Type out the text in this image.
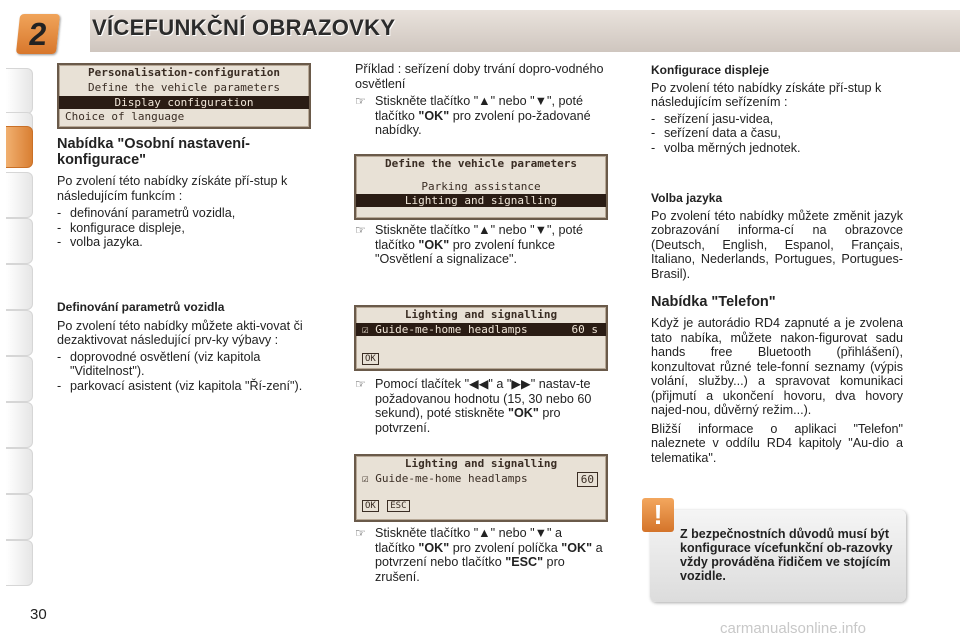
2	VÍCEFUNKČNÍ OBRAZOVKY
Personalisation-configuration
Define the vehicle parameters
Display configuration
Choice of language
Nabídka "Osobní nastavení-konfigurace"

Po zvolení této nabídky získáte pří-stup k následujícím funkcím :

- definování parametrů vozidla,
- konfigurace displeje,
- volba jazyka.
Definování parametrů vozidla

Po zvolení této nabídky můžete akti-vovat či dezaktivovat následující prv-ky výbavy :

- doprovodné osvětlení (viz kapitola "Viditelnost").
- parkovací asistent (viz kapitola "Ří-zení").

Příklad : seřízení doby trvání dopro-vodného osvětlení

☞ Stiskněte tlačítko "▲" nebo "▼", poté tlačítko "OK" pro zvolení po-žadované nabídky.
Define the vehicle parameters
Parking assistance
Lighting and signalling
☞ Stiskněte tlačítko "▲" nebo "▼", poté tlačítko "OK" pro zvolení funkce "Osvětlení a signalizace".
Lighting and signalling
☑ Guide-me-home headlamps	60 s
OK
☞ Pomocí tlačítek "◀◀" a "▶▶" nastav-te požadovanou hodnotu (15, 30 nebo 60 sekund), poté stiskněte "OK" pro potvrzení.
Lighting and signalling
☑ Guide-me-home headlamps	60
OK ESC
☞ Stiskněte tlačítko "▲" nebo "▼" a tlačítko "OK" pro zvolení políčka "OK" a potvrzení nebo tlačítko "ESC" pro zrušení.
Konfigurace displeje

Po zvolení této nabídky získáte pří-stup k následujícím seřízením :

- seřízení jasu-videa,
- seřízení data a času,
- volba měrných jednotek.
Volba jazyka

Po zvolení této nabídky můžete změnit jazyk zobrazování informa-cí na obrazovce (Deutsch, English, Espanol, Français, Italiano, Nederlands, Portugues, Portugues-Brasil).

Nabídka "Telefon"

Když je autorádio RD4 zapnuté a je zvolena tato nabíka, můžete nakon-figurovat sadu hands free Bluetooth (přihlášení), konzultovat různé tele-fonní seznamy (výpis volání, služby...) a spravovat komunikaci (přijmutí a ukončení hovoru, dva hovory najed-nou, důvěrný režim...).

Bližší informace o aplikaci "Telefon" naleznete v oddílu RD4 kapitoly "Au-dio a telematika".

!
Z bezpečnostních důvodů musí být konfigurace vícefunkční ob-razovky vždy prováděna řidičem ve stojícím vozidle.
30
carmanualsonline.info
